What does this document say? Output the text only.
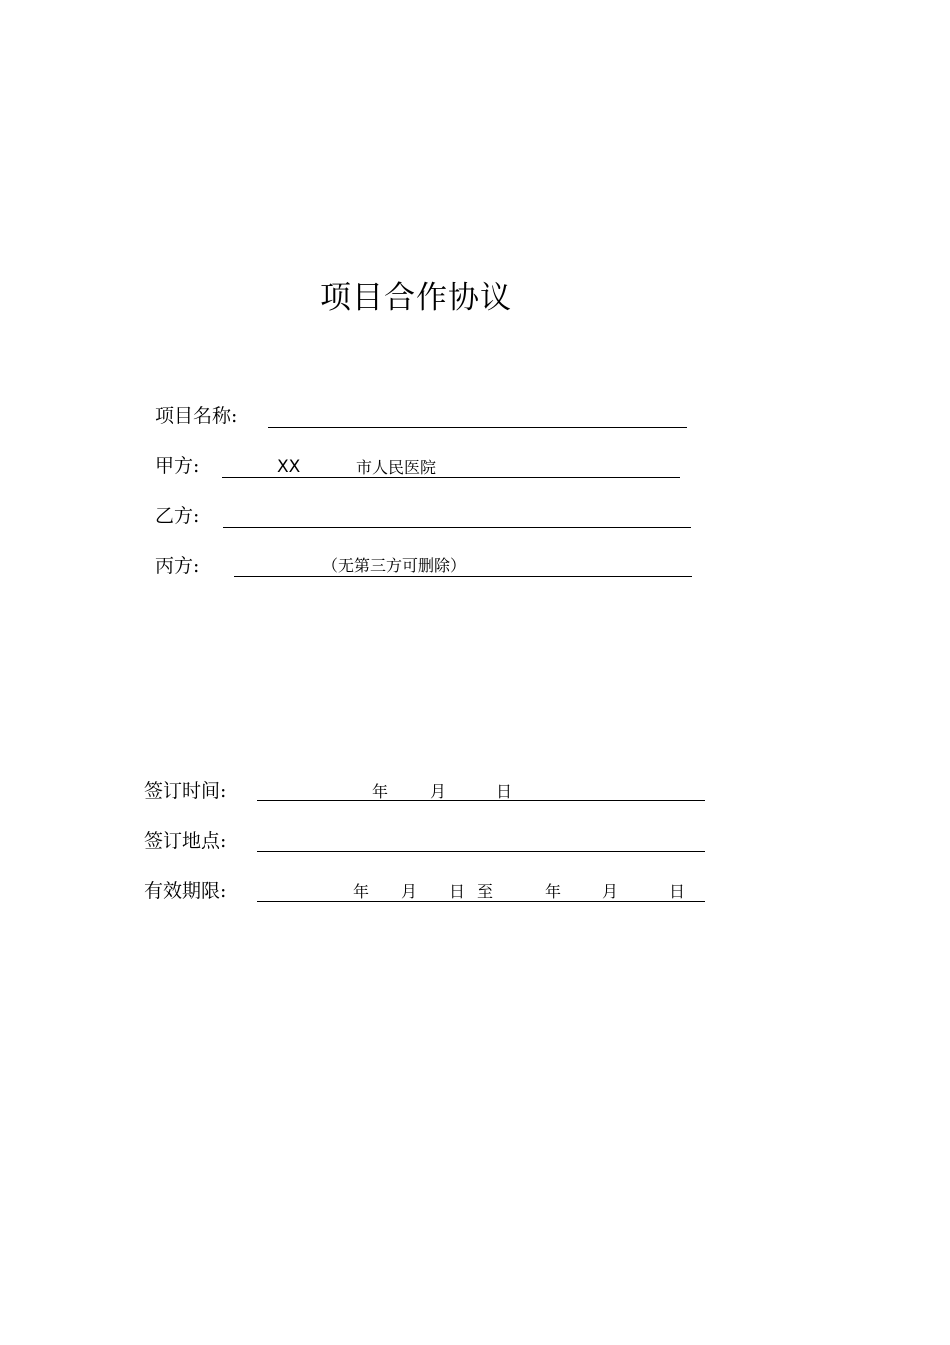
项目合作协议
项目名称:
甲方:	XX	市人民医院
乙方:
丙方:	（无第三方可删除）
签订时间:	年	月	日
签订地点:
有效期限:	年 月 日 至	年	月	日
